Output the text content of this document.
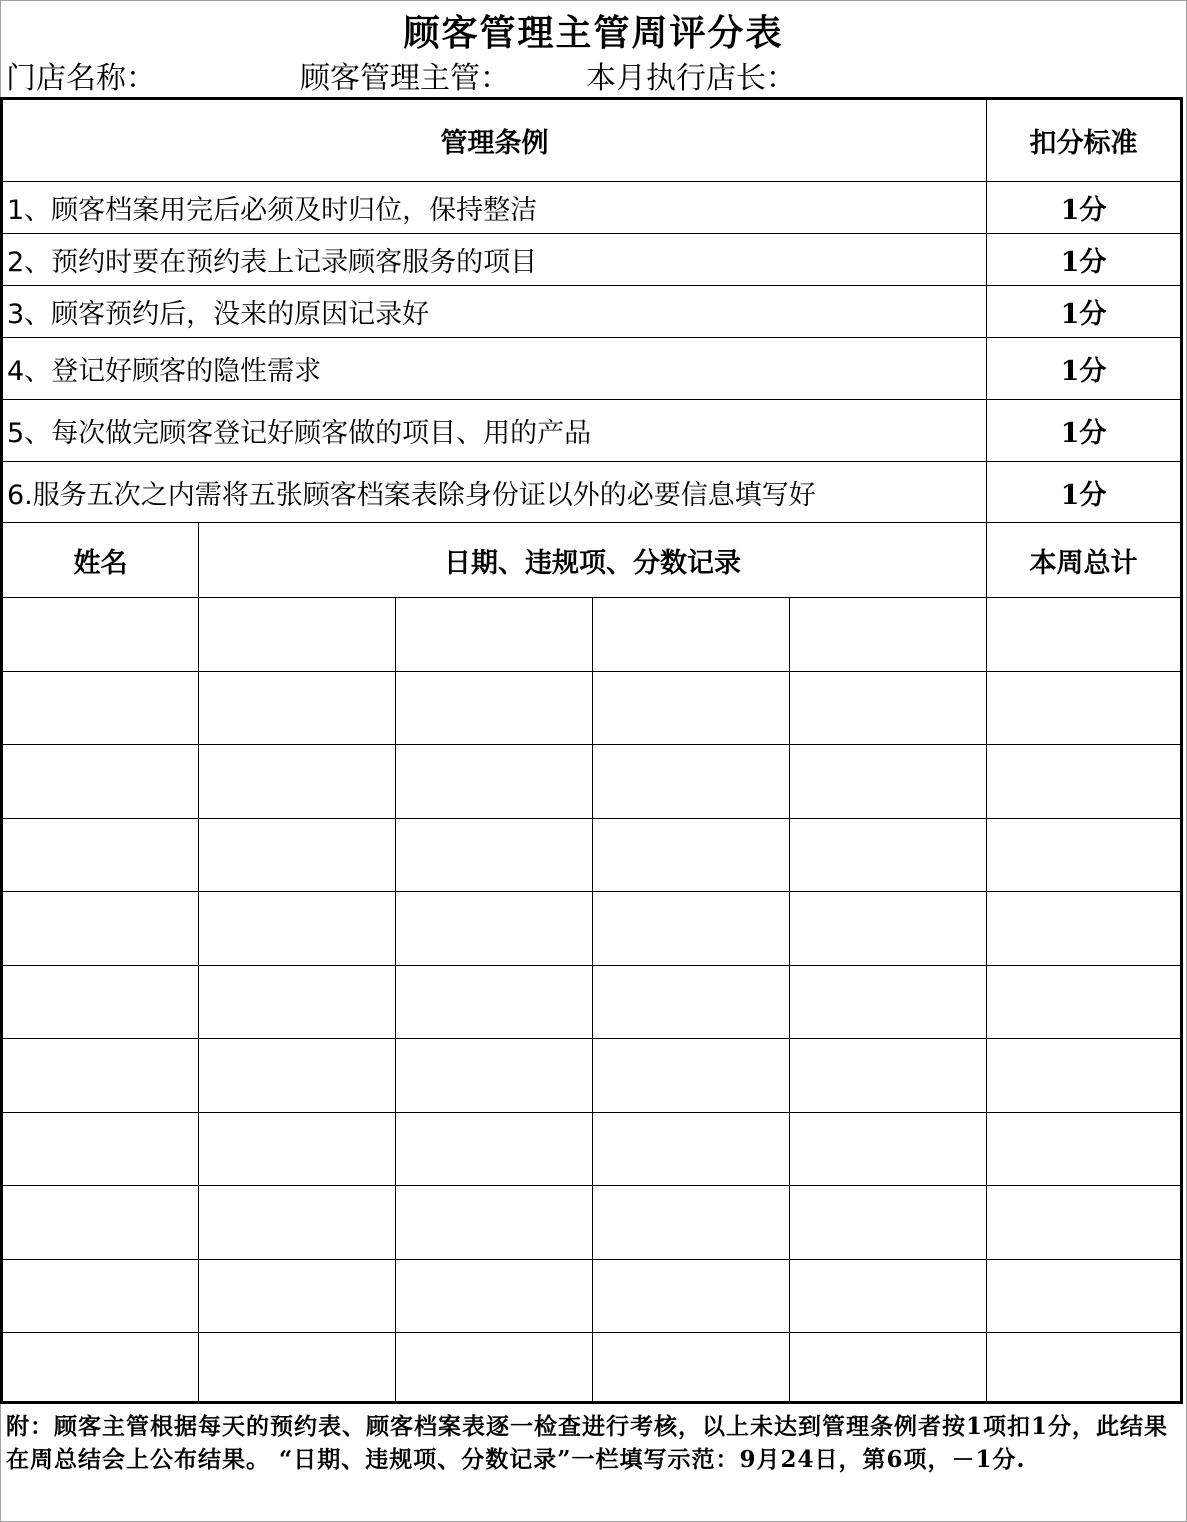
顾客管理主管周评分表
门店名称：	顾客管理主管：	本月执行店长：
管理条例					扣分标准
1、顾客档案用完后必须及时归位，保持整洁					1分
2、预约时要在预约表上记录顾客服务的项目					1分
3、顾客预约后，没来的原因记录好					1分
4、登记好顾客的隐性需求					1分
5、每次做完顾客登记好顾客做的项目、用的产品					1分
6.服务五次之内需将五张顾客档案表除身份证以外的必要信息填写好					1分
姓名	日期、违规项、分数记录				本周总计

附：顾客主管根据每天的预约表、顾客档案表逐一检查进行考核，以上未达到管理条例者按1项扣1分，此结果在周总结会上公布结果。 “日期、违规项、分数记录”一栏填写示范：9月24日，第6项，－1分.
